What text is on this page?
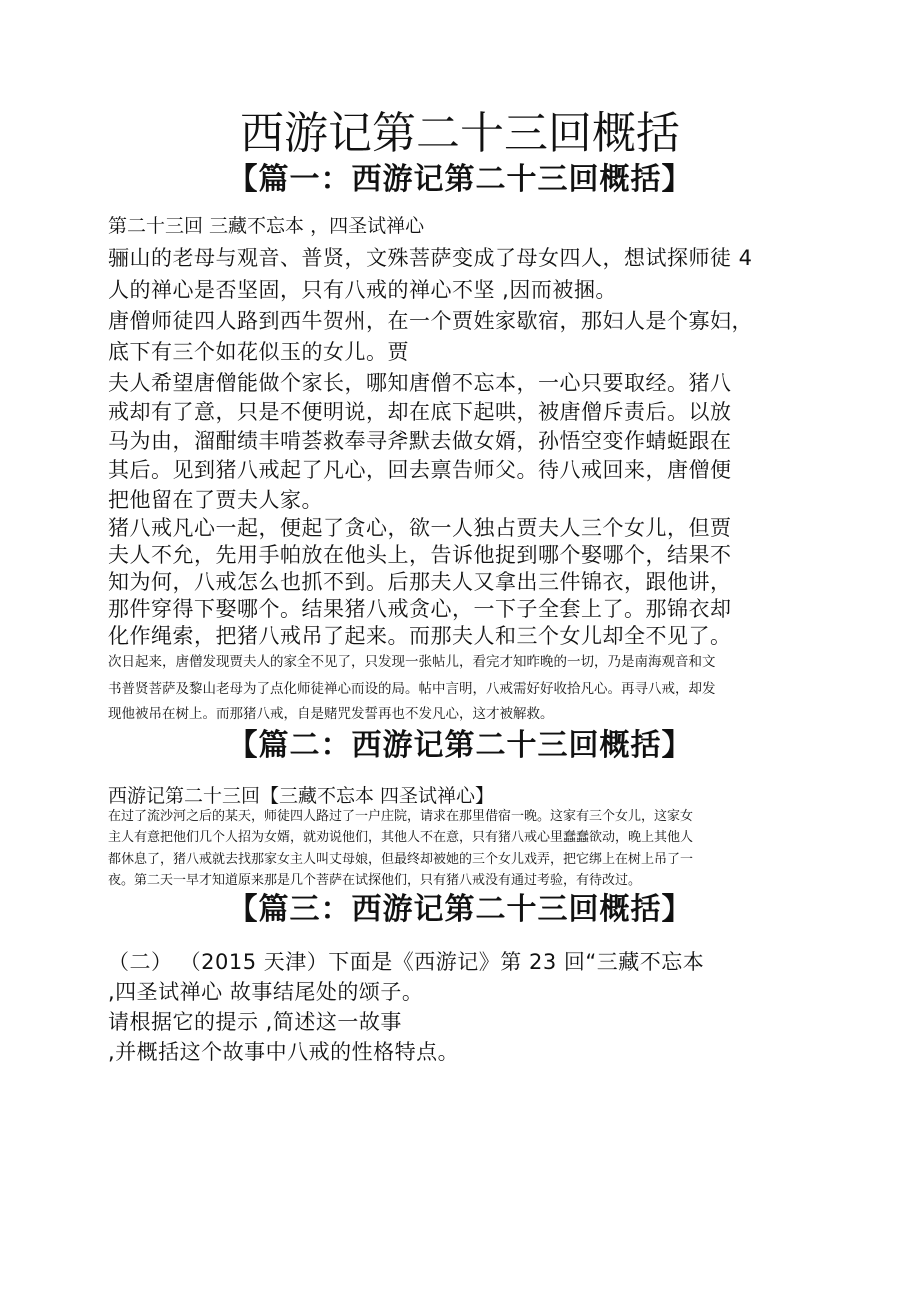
西游记第二十三回概括
【篇一：西游记第二十三回概括】
第二十三回 三藏不忘本 ，四圣试禅心
骊山的老母与观音、普贤，文殊菩萨变成了母女四人，想试探师徒 4
人的禅心是否坚固，只有八戒的禅心不坚 ,因而被捆。
唐僧师徒四人路到西牛贺州，在一个贾姓家歇宿，那妇人是个寡妇，
底下有三个如花似玉的女儿。贾
夫人希望唐僧能做个家长，哪知唐僧不忘本，一心只要取经。猪八
戒却有了意，只是不便明说，却在底下起哄，被唐僧斥责后。以放
马为由，溜酣绩丰啃荟救奉寻斧默去做女婿，孙悟空变作蜻蜓跟在
其后。见到猪八戒起了凡心，回去禀告师父。待八戒回来，唐僧便
把他留在了贾夫人家。
猪八戒凡心一起，便起了贪心，欲一人独占贾夫人三个女儿，但贾
夫人不允，先用手帕放在他头上，告诉他捉到哪个娶哪个，结果不
知为何，八戒怎么也抓不到。后那夫人又拿出三件锦衣，跟他讲，
那件穿得下娶哪个。结果猪八戒贪心，一下子全套上了。那锦衣却
化作绳索，把猪八戒吊了起来。而那夫人和三个女儿却全不见了。
次日起来，唐僧发现贾夫人的家全不见了，只发现一张帖儿，看完才知昨晚的一切，乃是南海观音和文
书普贤菩萨及黎山老母为了点化师徒禅心而设的局。帖中言明，八戒需好好收拾凡心。再寻八戒，却发
现他被吊在树上。而那猪八戒，自是赌咒发誓再也不发凡心，这才被解救。
【篇二：西游记第二十三回概括】
西游记第二十三回【三藏不忘本 四圣试禅心】
在过了流沙河之后的某天，师徒四人路过了一户庄院，请求在那里借宿一晚。这家有三个女儿，这家女
主人有意把他们几个人招为女婿，就劝说他们，其他人不在意，只有猪八戒心里蠢蠢欲动，晚上其他人
都休息了，猪八戒就去找那家女主人叫丈母娘，但最终却被她的三个女儿戏弄，把它绑上在树上吊了一
夜。第二天一早才知道原来那是几个菩萨在试探他们，只有猪八戒没有通过考验，有待改过。
【篇三：西游记第二十三回概括】
（二） （2015 天津）下面是《西游记》第 23 回“三藏不忘本
,四圣试禅心 故事结尾处的颂子。
请根据它的提示 ,简述这一故事
,并概括这个故事中八戒的性格特点。
